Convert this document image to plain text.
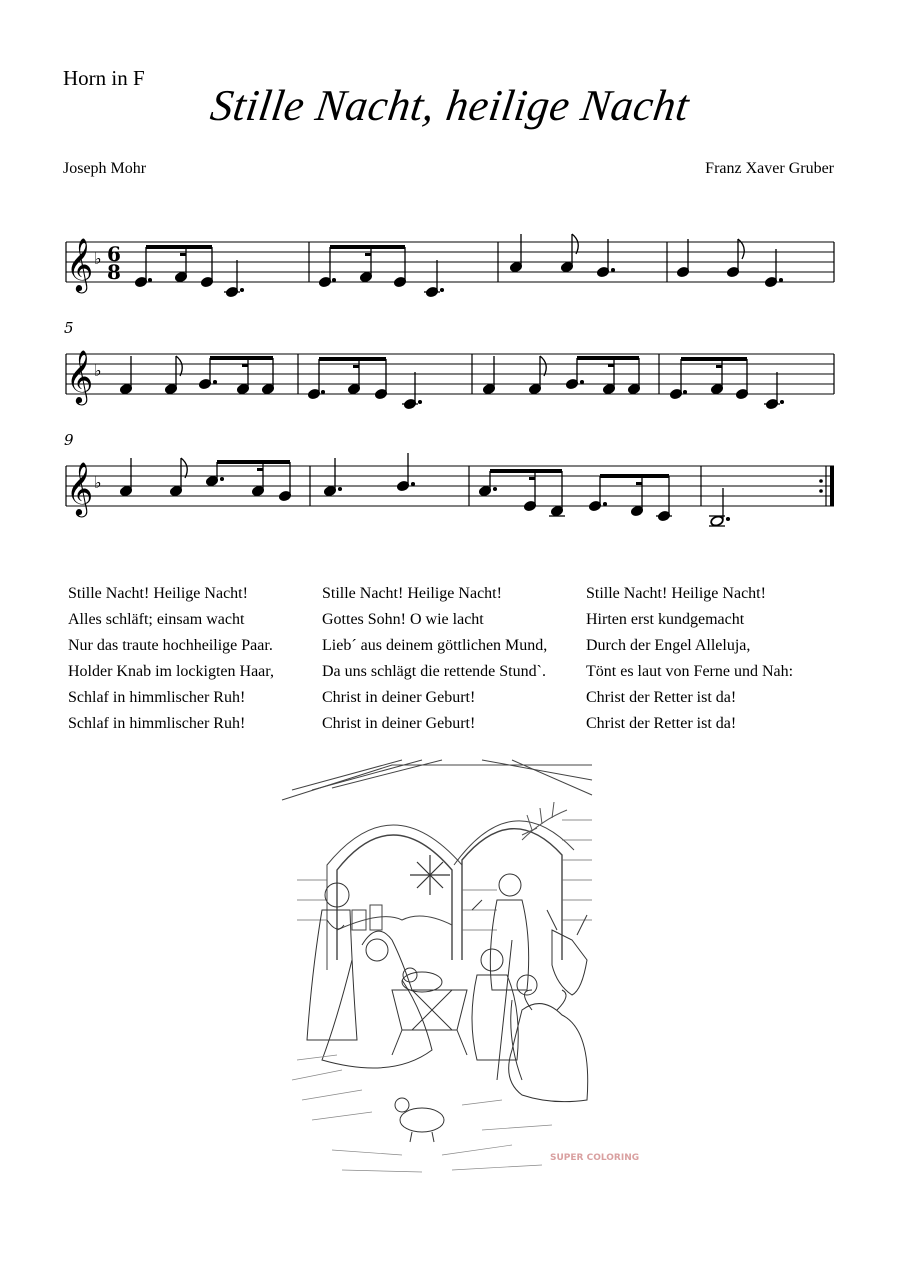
Horn in F
Stille Nacht, heilige Nacht
Joseph Mohr	Franz Xaver Gruber
𝄞 ♭ 6
8
5
𝄞 ♭
9
𝄞 ♭
Stille Nacht! Heilige Nacht!
Alles schläft; einsam wacht
Nur das traute hochheilige Paar.
Holder Knab im lockigten Haar,
Schlaf in himmlischer Ruh!
Schlaf in himmlischer Ruh!
Stille Nacht! Heilige Nacht!
Gottes Sohn! O wie lacht
Lieb´ aus deinem göttlichen Mund,
Da uns schlägt die rettende Stund`.
Christ in deiner Geburt!
Christ in deiner Geburt!
Stille Nacht! Heilige Nacht!
Hirten erst kundgemacht
Durch der Engel Alleluja,
Tönt es laut von Ferne und Nah:
Christ der Retter ist da!
Christ der Retter ist da!
SUPER COLORING
